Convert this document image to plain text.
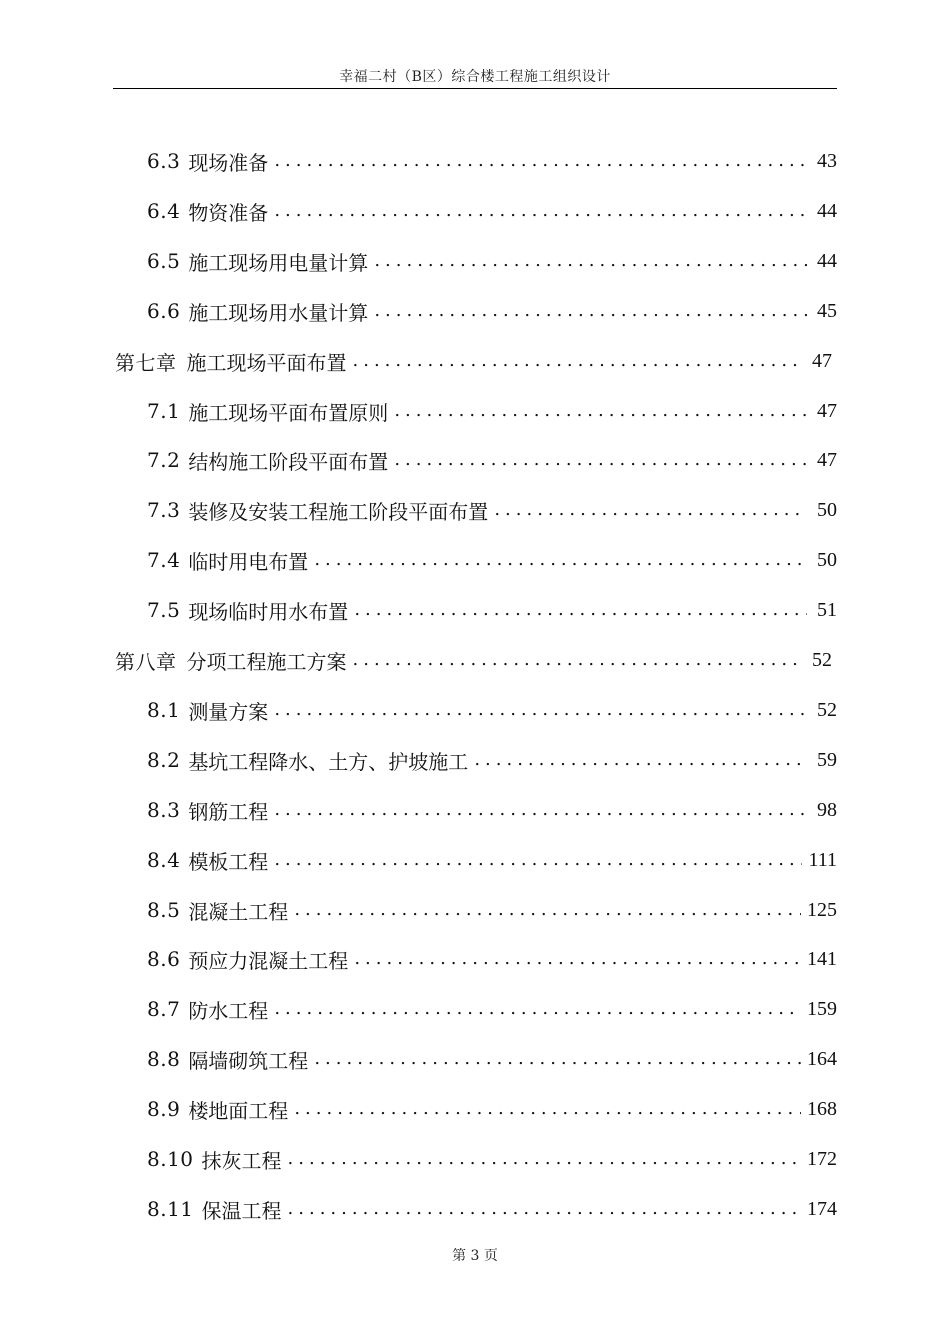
幸福二村（B区）综合楼工程施工组织设计
6.3 现场准备 .....	43
6.4 物资准备 .....	44
6.5 施工现场用电量计算 .....	44
6.6 施工现场用水量计算 .....	45
第七章 施工现场平面布置 .....	47
7.1 施工现场平面布置原则 .....	47
7.2 结构施工阶段平面布置 .....	47
7.3 装修及安装工程施工阶段平面布置 .....	50
7.4 临时用电布置 .....	50
7.5 现场临时用水布置 .....	51
第八章 分项工程施工方案 .....	52
8.1 测量方案 .....	52
8.2 基坑工程降水、土方、护坡施工 .....	59
8.3 钢筋工程 .....	98
8.4 模板工程 .....	111
8.5 混凝土工程 .....	125
8.6 预应力混凝土工程 .....	141
8.7 防水工程 .....	159
8.8 隔墙砌筑工程 .....	164
8.9 楼地面工程 .....	168
8.10 抹灰工程 .....	172
8.11 保温工程 .....	174
第 3 页
